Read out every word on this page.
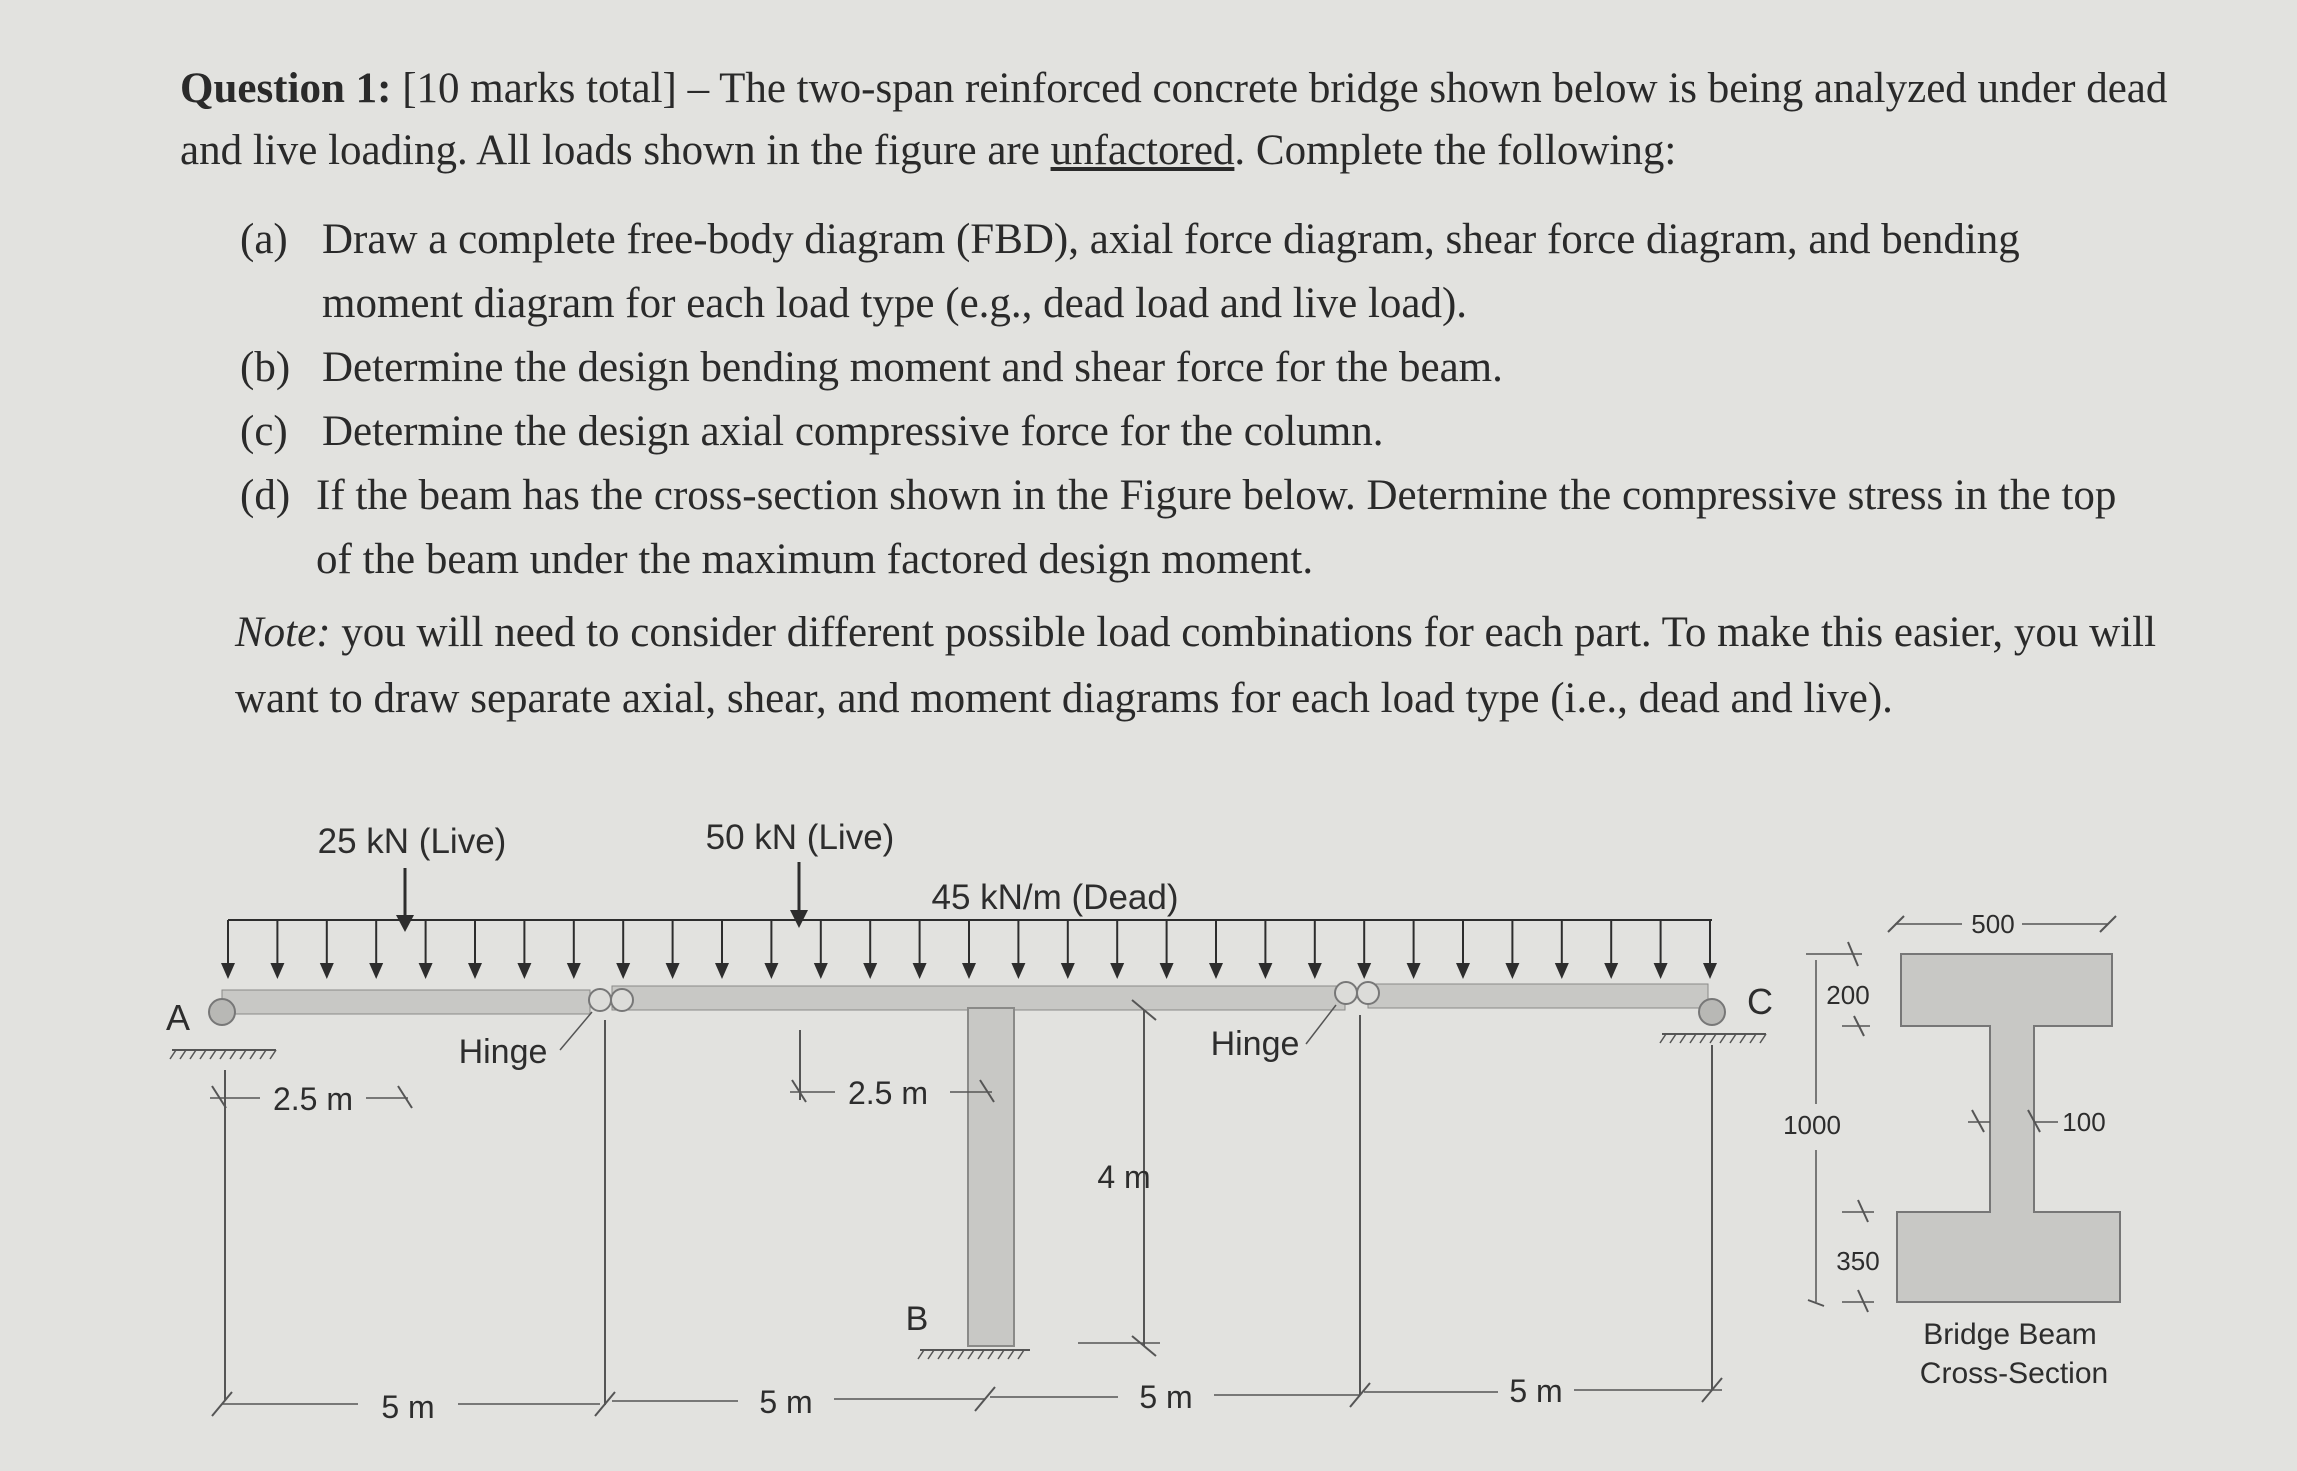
Question 1: [10 marks total] – The two-span reinforced concrete bridge shown below is being analyzed under dead and live loading. All loads shown in the figure are unfactored. Complete the following:
(a) Draw a complete free-body diagram (FBD), axial force diagram, shear force diagram, and bending moment diagram for each load type (e.g., dead load and live load).
(b) Determine the design bending moment and shear force for the beam.
(c) Determine the design axial compressive force for the column.
(d) If the beam has the cross-section shown in the Figure below. Determine the compressive stress in the top of the beam under the maximum factored design moment.
Note: you will need to consider different possible load combinations for each part. To make this easier, you will want to draw separate axial, shear, and moment diagrams for each load type (i.e., dead and live).
4 m
2.5 m	2.5 m
5 m	5 m	5 m	5 m
25 kN (Live)	50 kN (Live)
45 kN/m (Dead)
A
B
C
Hinge	Hinge
500
1000
200
100
350
Bridge Beam
Cross-Section
